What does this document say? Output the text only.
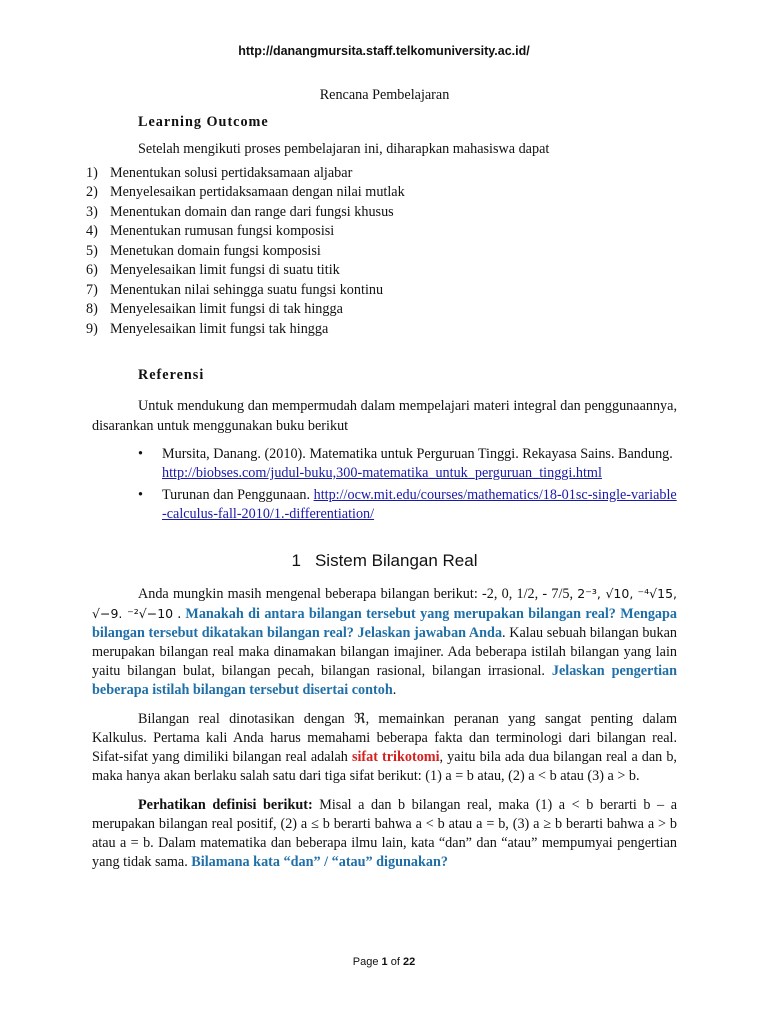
http://danangmursita.staff.telkomuniversity.ac.id/

Rencana Pembelajaran

Learning Outcome

Setelah mengikuti proses pembelajaran ini, diharapkan mahasiswa dapat

1) Menentukan solusi pertidaksamaan aljabar
2) Menyelesaikan pertidaksamaan dengan nilai mutlak
3) Menentukan domain dan range dari fungsi khusus
4) Menentukan rumusan fungsi komposisi
5) Menetukan domain fungsi komposisi
6) Menyelesaikan limit fungsi di suatu titik
7) Menentukan nilai sehingga suatu fungsi kontinu
8) Menyelesaikan limit fungsi di tak hingga
9) Menyelesaikan limit fungsi tak hingga

Referensi

Untuk mendukung dan mempermudah dalam mempelajari materi integral dan penggunaannya, disarankan untuk menggunakan buku berikut

•	Mursita, Danang. (2010). Matematika untuk Perguruan Tinggi. Rekayasa Sains. Bandung. http://biobses.com/judul-buku,300-matematika_untuk_perguruan_tinggi.html
•	Turunan dan Penggunaan. http://ocw.mit.edu/courses/mathematics/18-01sc-single-variable-calculus-fall-2010/1.-differentiation/

1 Sistem Bilangan Real

Anda mungkin masih mengenal beberapa bilangan berikut: -2, 0, 1/2, - 7/5, 2⁻³, √10, ⁻⁴√15, √−9. ⁻²√−10 . Manakah di antara bilangan tersebut yang merupakan bilangan real? Mengapa bilangan tersebut dikatakan bilangan real? Jelaskan jawaban Anda. Kalau sebuah bilangan bukan merupakan bilangan real maka dinamakan bilangan imajiner. Ada beberapa istilah bilangan yang lain yaitu bilangan bulat, bilangan pecah, bilangan rasional, bilangan irrasional. Jelaskan pengertian beberapa istilah bilangan tersebut disertai contoh.

Bilangan real dinotasikan dengan ℜ, memainkan peranan yang sangat penting dalam Kalkulus. Pertama kali Anda harus memahami beberapa fakta dan terminologi dari bilangan real. Sifat-sifat yang dimiliki bilangan real adalah sifat trikotomi, yaitu bila ada dua bilangan real a dan b, maka hanya akan berlaku salah satu dari tiga sifat berikut: (1) a = b atau, (2) a < b atau (3) a > b.

Perhatikan definisi berikut: Misal a dan b bilangan real, maka (1) a < b berarti b – a merupakan bilangan real positif, (2) a ≤ b berarti bahwa a < b atau a = b, (3) a ≥ b berarti bahwa a > b atau a = b. Dalam matematika dan beberapa ilmu lain, kata “dan” dan “atau” mempumyai pengertian yang tidak sama. Bilamana kata “dan” / “atau” digunakan?

Page 1 of 22
